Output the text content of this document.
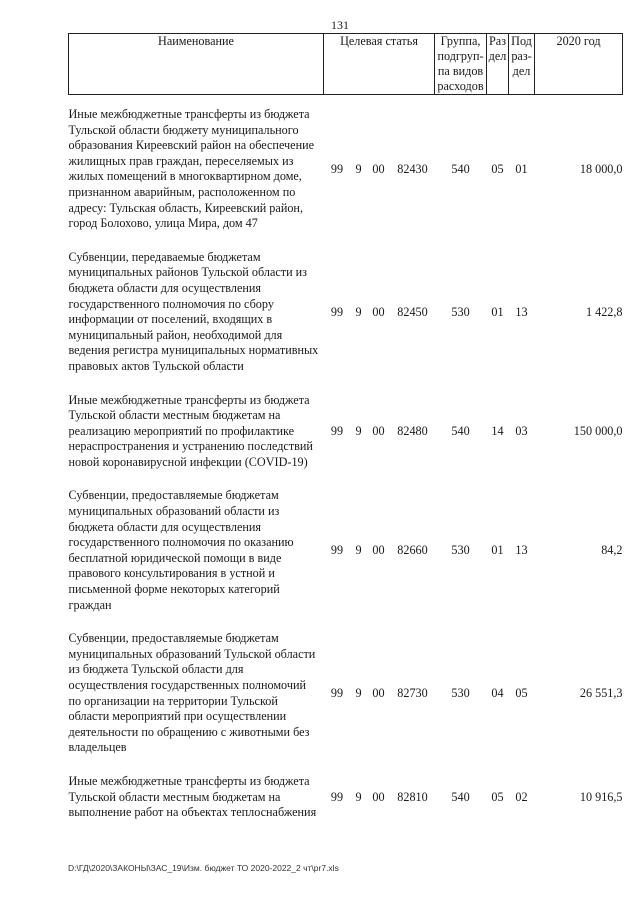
131
Наименование	Целевая статья				Группа,
подгруп-
па видов
расходов	Раз
дел	Под
раз-
дел	2020 год

Иные межбюджетные трансферты из бюджета Тульской области бюджету муниципального образования Киреевский район на обеспечение жилищных прав граждан, переселяемых из жилых помещений в многоквартирном доме, признанном аварийным, расположенном по адресу: Тульская область, Киреевский район, город Болохово, улица Мира, дом 47	99	9	00	82430	540	05	01	18 000,0

Субвенции, передаваемые бюджетам муниципальных районов Тульской области из бюджета области для осуществления государственного полномочия по сбору информации от поселений, входящих в муниципальный район, необходимой для ведения регистра муниципальных нормативных правовых актов Тульской области	99	9	00	82450	530	01	13	1 422,8

Иные межбюджетные трансферты из бюджета Тульской области местным бюджетам на реализацию мероприятий по профилактике нераспространения и устранению последствий новой коронавирусной инфекции (COVID-19)	99	9	00	82480	540	14	03	150 000,0

Субвенции, предоставляемые бюджетам муниципальных образований области из бюджета области для осуществления государственного полномочия по оказанию бесплатной юридической помощи в виде правового консультирования в устной и письменной форме некоторых категорий граждан	99	9	00	82660	530	01	13	84,2

Субвенции, предоставляемые бюджетам муниципальных образований Тульской области из бюджета Тульской области для осуществления государственных полномочий по организации на территории Тульской области мероприятий при осуществлении деятельности по обращению с животными без владельцев	99	9	00	82730	530	04	05	26 551,3

Иные межбюджетные трансферты из бюджета Тульской области местным бюджетам на выполнение работ на объектах теплоснабжения	99	9	00	82810	540	05	02	10 916,5
D:\ГД\2020\ЗАКОНЫ\ЗАС_19\Изм. бюджет ТО 2020-2022_2 чт\pr7.xls
